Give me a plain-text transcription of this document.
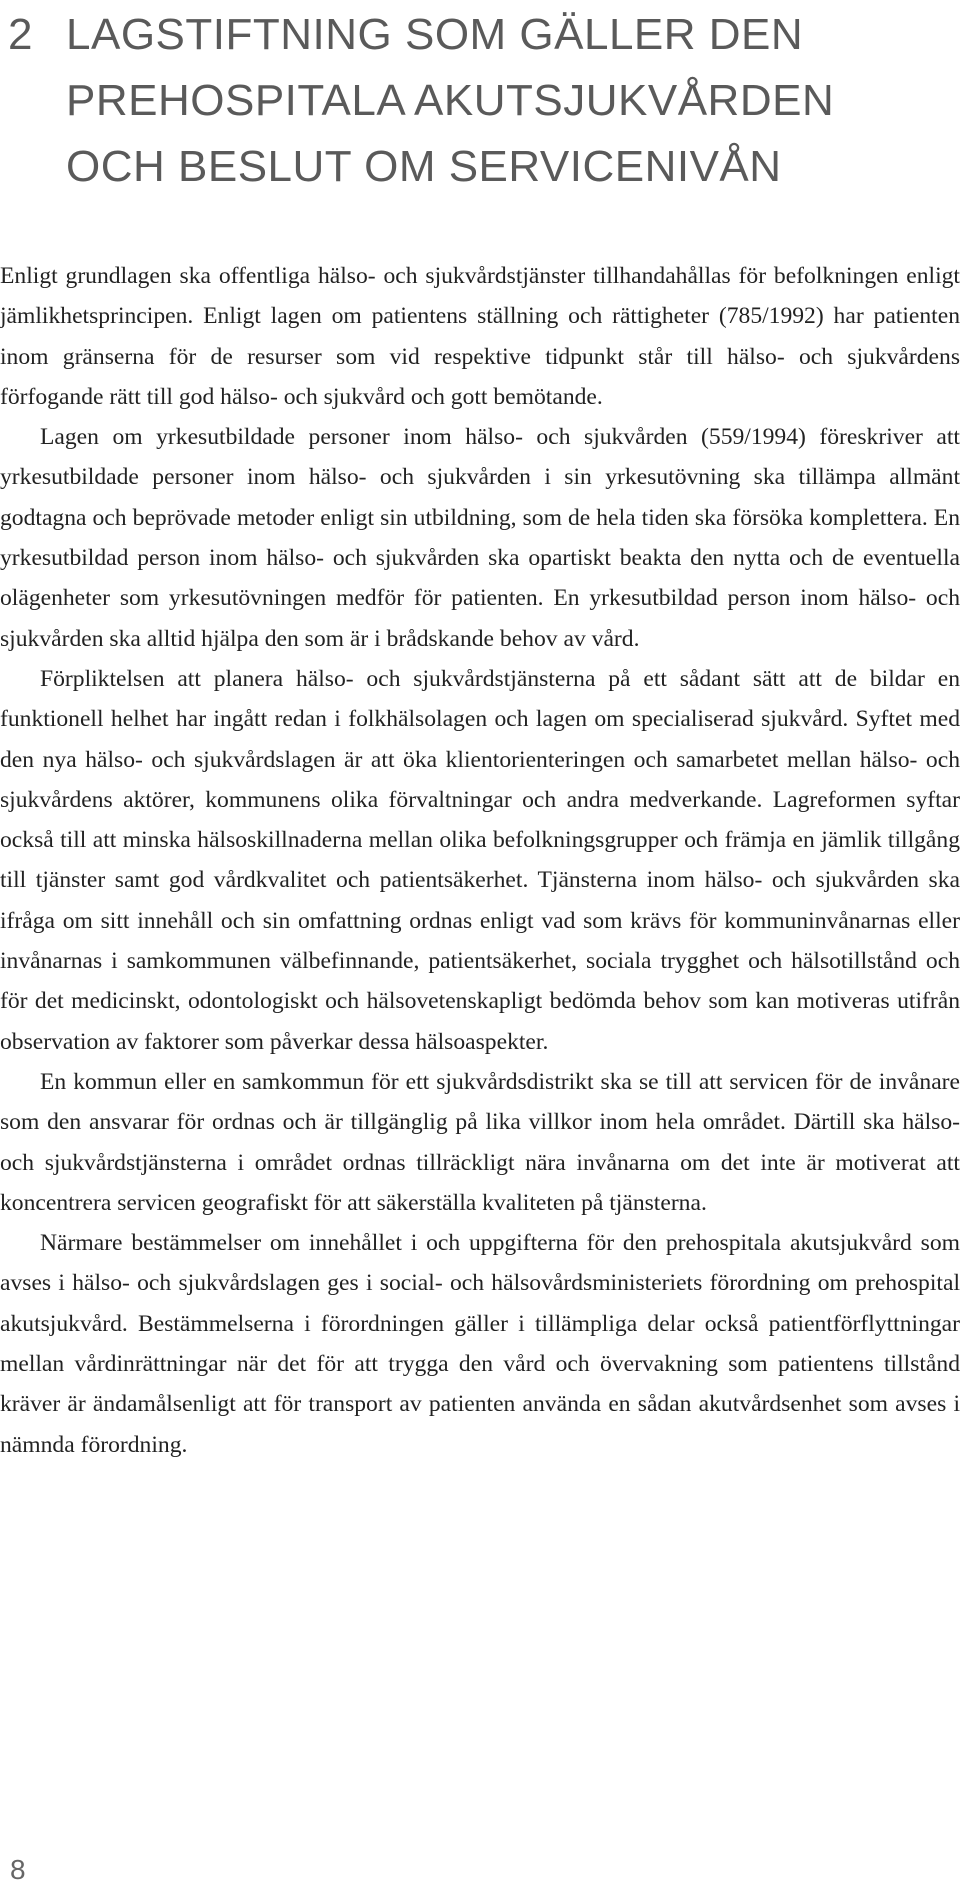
2 LAGSTIFTNING SOM GÄLLER DEN PREHOSPITALA AKUTSJUKVÅRDEN OCH BESLUT OM SERVICENIVÅN

Enligt grundlagen ska offentliga hälso- och sjukvårdstjänster tillhandahållas för befolkningen enligt jämlikhetsprincipen. Enligt lagen om patientens ställning och rättigheter (785/1992) har patienten inom gränserna för de resurser som vid respektive tidpunkt står till hälso- och sjukvårdens förfogande rätt till god hälso- och sjukvård och gott bemötande.

Lagen om yrkesutbildade personer inom hälso- och sjukvården (559/1994) föreskriver att yrkesutbildade personer inom hälso- och sjukvården i sin yrkesutövning ska tillämpa allmänt godtagna och beprövade metoder enligt sin utbildning, som de hela tiden ska försöka komplettera. En yrkesutbildad person inom hälso- och sjukvården ska opartiskt beakta den nytta och de eventuella olägenheter som yrkesutövningen medför för patienten. En yrkesutbildad person inom hälso- och sjukvården ska alltid hjälpa den som är i brådskande behov av vård.

Förpliktelsen att planera hälso- och sjukvårdstjänsterna på ett sådant sätt att de bildar en funktionell helhet har ingått redan i folkhälsolagen och lagen om specialiserad sjukvård. Syftet med den nya hälso- och sjukvårdslagen är att öka klientorienteringen och samarbetet mellan hälso- och sjukvårdens aktörer, kommunens olika förvaltningar och andra medverkande. Lagreformen syftar också till att minska hälsoskillnaderna mellan olika befolkningsgrupper och främja en jämlik tillgång till tjänster samt god vårdkvalitet och patientsäkerhet. Tjänsterna inom hälso- och sjukvården ska ifråga om sitt innehåll och sin omfattning ordnas enligt vad som krävs för kommuninvånarnas eller invånarnas i samkommunen välbefinnande, patientsäkerhet, sociala trygghet och hälsotillstånd och för det medicinskt, odontologiskt och hälsovetenskapligt bedömda behov som kan motiveras utifrån observation av faktorer som påverkar dessa hälsoaspekter.

En kommun eller en samkommun för ett sjukvårdsdistrikt ska se till att servicen för de invånare som den ansvarar för ordnas och är tillgänglig på lika villkor inom hela området. Därtill ska hälso- och sjukvårdstjänsterna i området ordnas tillräckligt nära invånarna om det inte är motiverat att koncentrera servicen geografiskt för att säkerställa kvaliteten på tjänsterna.

Närmare bestämmelser om innehållet i och uppgifterna för den prehospitala akutsjukvård som avses i hälso- och sjukvårdslagen ges i social- och hälsovårdsministeriets förordning om prehospital akutsjukvård. Bestämmelserna i förordningen gäller i tillämpliga delar också patientförflyttningar mellan vårdinrättningar när det för att trygga den vård och övervakning som patientens tillstånd kräver är ändamålsenligt att för transport av patienten använda en sådan akutvårdsenhet som avses i nämnda förordning.

8
